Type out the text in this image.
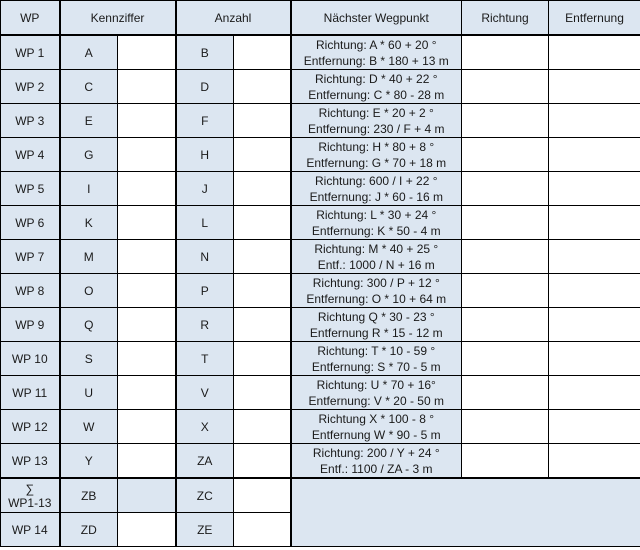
WP	Kennziffer		Anzahl		Nächster Wegpunkt	Richtung	Entfernung
WP 1	A		B		Richtung: A * 60 + 20 °
Entfernung: B * 180 + 13 m		

WP 2	C		D		Richtung: D * 40 + 22 °
Entfernung: C * 80 - 28 m		

WP 3	E		F		Richtung: E * 20 + 2 °
Entfernung: 230 / F + 4 m		

WP 4	G		H		Richtung: H * 80 + 8 °
Entfernung: G * 70 + 18 m		

WP 5	I		J		Richtung: 600 / I + 22 °
Entfernung: J * 60 - 16 m		

WP 6	K		L		Richtung: L * 30 + 24 °
Entfernung: K * 50 - 4 m		

WP 7	M		N		Richtung: M * 40 + 25 °
Entf.: 1000 / N + 16 m		

WP 8	O		P		Richtung: 300 / P + 12 °
Entfernung: O * 10 + 64 m		

WP 9	Q		R		Richtung Q * 30 - 23 °
Entfernung R * 15 - 12 m		

WP 10	S		T		Richtung: T * 10 - 59 °
Entfernung: S * 70 - 5 m		

WP 11	U		V		Richtung: U * 70 + 16°
Entfernung: V * 20 - 50 m		

WP 12	W		X		Richtung X * 100 - 8 °
Entfernung W * 90 - 5 m		

WP 13	Y		ZA		Richtung: 200 / Y + 24 °
Entf.: 1100 / ZA - 3 m		

∑
WP1-13	ZB		ZC				
WP 14	ZD		ZE				
